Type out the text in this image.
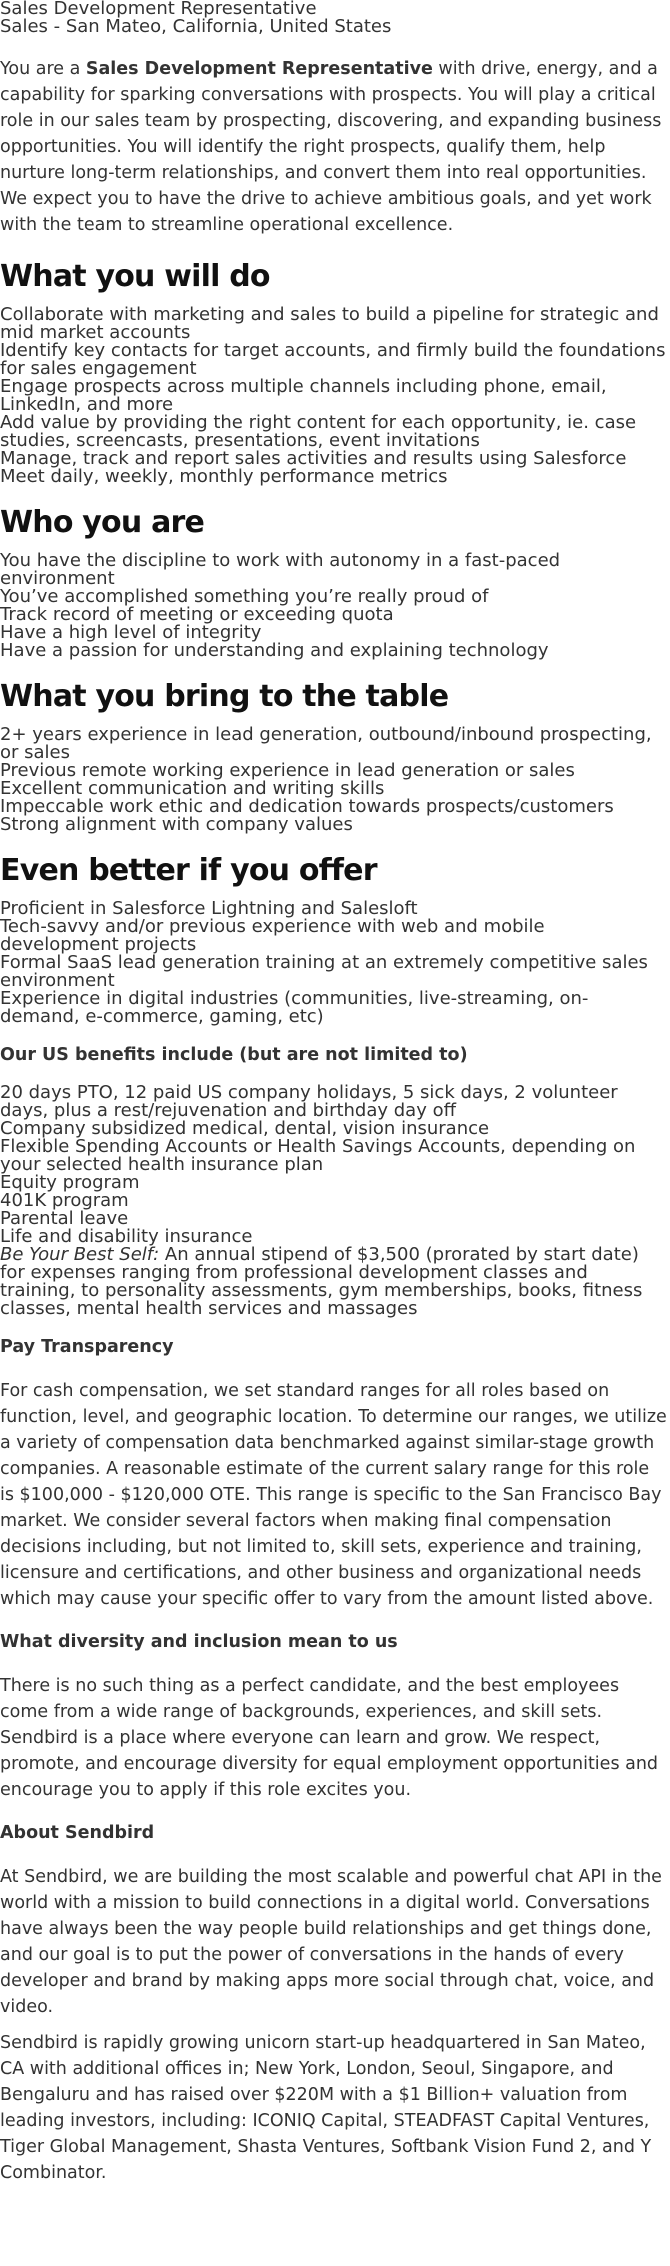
Sales Development Representative
Sales - San Mateo, California, United States

You are a Sales Development Representative with drive, energy, and a capability for sparking conversations with prospects. You will play a critical role in our sales team by prospecting, discovering, and expanding business opportunities. You will identify the right prospects, qualify them, help nurture long-term relationships, and convert them into real opportunities. We expect you to have the drive to achieve ambitious goals, and yet work with the team to streamline operational excellence.

What you will do
Collaborate with marketing and sales to build a pipeline for strategic and mid market accounts
Identify key contacts for target accounts, and firmly build the foundations for sales engagement
Engage prospects across multiple channels including phone, email, LinkedIn, and more
Add value by providing the right content for each opportunity, ie. case studies, screencasts, presentations, event invitations
Manage, track and report sales activities and results using Salesforce
Meet daily, weekly, monthly performance metrics
Who you are
You have the discipline to work with autonomy in a fast-paced environment
You’ve accomplished something you’re really proud of
Track record of meeting or exceeding quota
Have a high level of integrity
Have a passion for understanding and explaining technology
What you bring to the table
2+ years experience in lead generation, outbound/inbound prospecting, or sales
Previous remote working experience in lead generation or sales
Excellent communication and writing skills
Impeccable work ethic and dedication towards prospects/customers
Strong alignment with company values
Even better if you offer
Proficient in Salesforce Lightning and Salesloft
Tech-savvy and/or previous experience with web and mobile development projects
Formal SaaS lead generation training at an extremely competitive sales environment
Experience in digital industries (communities, live-streaming, on-demand, e-commerce, gaming, etc)
Our US benefits include (but are not limited to)
20 days PTO, 12 paid US company holidays, 5 sick days, 2 volunteer days, plus a rest/rejuvenation and birthday day off
Company subsidized medical, dental, vision insurance
Flexible Spending Accounts or Health Savings Accounts, depending on your selected health insurance plan
Equity program
401K program
Parental leave
Life and disability insurance
Be Your Best Self: An annual stipend of $3,500 (prorated by start date) for expenses ranging from professional development classes and training, to personality assessments, gym memberships, books, fitness classes, mental health services and massages
Pay Transparency

For cash compensation, we set standard ranges for all roles based on function, level, and geographic location. To determine our ranges, we utilize a variety of compensation data benchmarked against similar-stage growth companies. A reasonable estimate of the current salary range for this role is $100,000 - $120,000 OTE. This range is specific to the San Francisco Bay market. We consider several factors when making final compensation decisions including, but not limited to, skill sets, experience and training, licensure and certifications, and other business and organizational needs which may cause your specific offer to vary from the amount listed above.

What diversity and inclusion mean to us

There is no such thing as a perfect candidate, and the best employees come from a wide range of backgrounds, experiences, and skill sets. Sendbird is a place where everyone can learn and grow. We respect, promote, and encourage diversity for equal employment opportunities and encourage you to apply if this role excites you.

About Sendbird

At Sendbird, we are building the most scalable and powerful chat API in the world with a mission to build connections in a digital world. Conversations have always been the way people build relationships and get things done, and our goal is to put the power of conversations in the hands of every developer and brand by making apps more social through chat, voice, and video.

Sendbird is rapidly growing unicorn start-up headquartered in San Mateo, CA with additional offices in; New York, London, Seoul, Singapore, and Bengaluru and has raised over $220M with a $1 Billion+ valuation from leading investors, including: ICONIQ Capital, STEADFAST Capital Ventures, Tiger Global Management, Shasta Ventures, Softbank Vision Fund 2, and Y Combinator.
